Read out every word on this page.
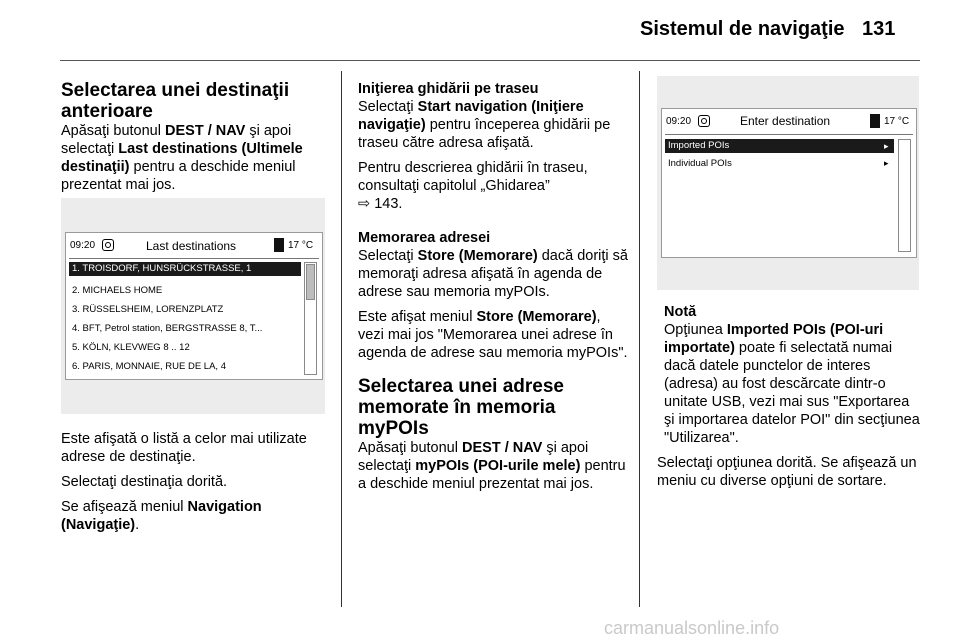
Sistemul de navigaţie 131
Selectarea unei destinaţii anterioare

Apăsaţi butonul DEST / NAV şi apoi selectaţi Last destinations (Ultimele destinaţii) pentru a deschide meniul prezentat mai jos.

09:20	Last destinations	17 °C
1. TROISDORF, HUNSRÜCKSTRASSE, 1
2. MICHAELS HOME
3. RÜSSELSHEIM, LORENZPLATZ
4. BFT, Petrol station, BERGSTRASSE 8, T...
5. KÖLN, KLEVWEG 8 .. 12
6. PARIS, MONNAIE, RUE DE LA, 4

Este afişată o listă a celor mai utilizate adrese de destinaţie.

Selectaţi destinaţia dorită.

Se afişează meniul Navigation (Navigaţie).

Iniţierea ghidării pe traseu

Selectaţi Start navigation (Iniţiere navigaţie) pentru începerea ghidării pe traseu către adresa afişată.

Pentru descrierea ghidării în traseu, consultaţi capitolul „Ghidarea”
⇨ 143.

Memorarea adresei

Selectaţi Store (Memorare) dacă doriţi să memoraţi adresa afişată în agenda de adrese sau memoria myPOIs.

Este afişat meniul Store (Memorare), vezi mai jos "Memorarea unei adrese în agenda de adrese sau memoria myPOIs".

Selectarea unei adrese memorate în memoria myPOIs

Apăsaţi butonul DEST / NAV şi apoi selectaţi myPOIs (POI-urile mele) pentru a deschide meniul prezentat mai jos.

09:20	Enter destination	17 °C
Imported POIs	▸
Individual POIs	▸
Notă

Opţiunea Imported POIs (POI-uri importate) poate fi selectată numai dacă datele punctelor de interes (adresa) au fost descărcate dintr-o unitate USB, vezi mai sus "Exportarea şi importarea datelor POI" din secţiunea "Utilizarea".

Selectaţi opţiunea dorită. Se afişează un meniu cu diverse opţiuni de sortare.

carmanualsonline.info
